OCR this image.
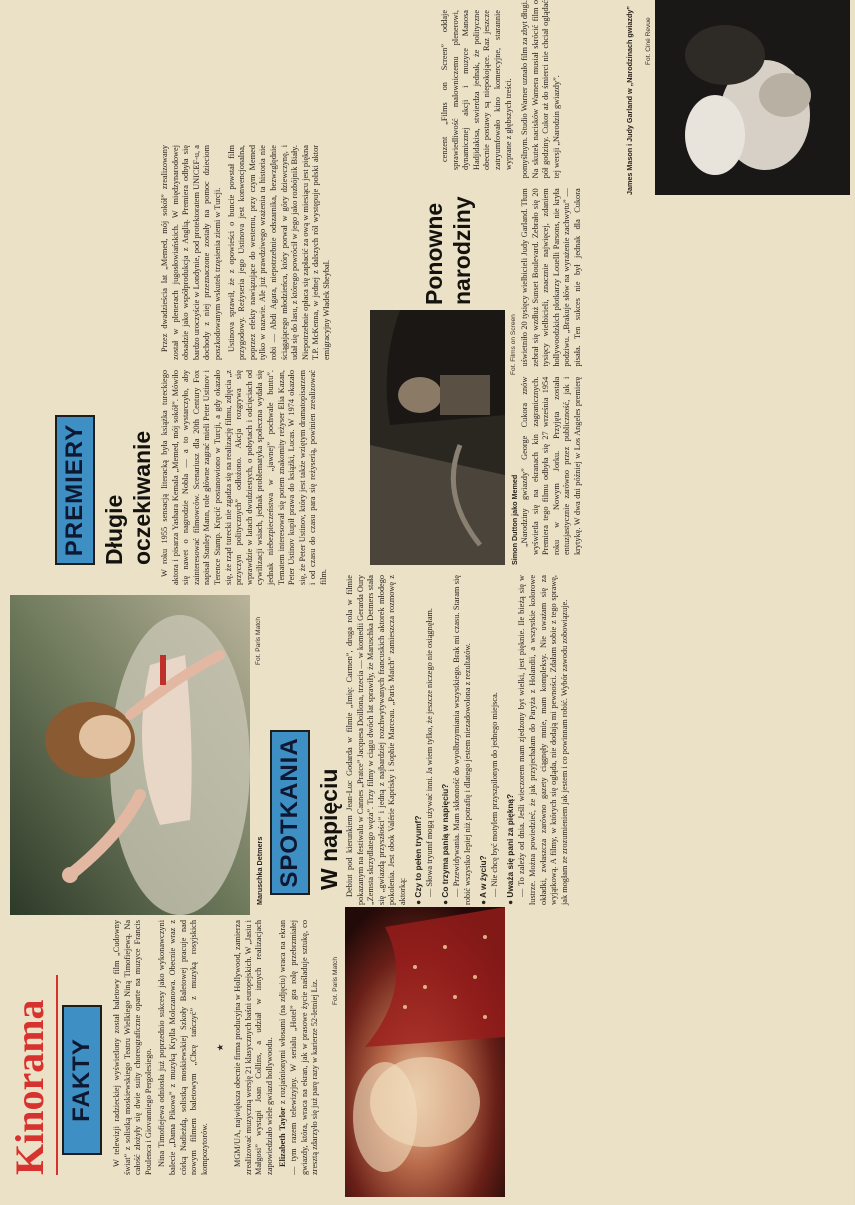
Kinorama FAKTY W telewizji radzieckiej wyświetlony został baletowy film „Cudowny świat” z solistką moskiewskiego Teatru Wielkiego Niną Timofiejewą. Na całość złożyły się dwie suity choreograficzne oparte na muzyce Francis Poulenca i Giovanniego Pergolesiego. Nina Timofiejewa odniosła już poprzednio sukcesy jako wykonawczyni balecie „Dama Pikowa” z muzyką Krylla Molczanowa. Obecnie wraz z córką Nadieżdą, solistką moskiewskiej Szkoły Baletowej pracuje nad nowym filmem baletowym „Chcę tańczyć” z muzyką rosyjskich kompozytorów.

★ MGM/UA, największa obecnie firma producyjna w Hollywood, zamierza zrealizować muzyczną wersję 21 klasycznych baśni europejskich. W „Jasiu i Małgosi” wystąpi Joan Collins, a udział w innych realizacjach zapowiedziało wiele gwiazd hollywoodu. Elizabeth Taylor z rozjaśnionymi włosami (na zdjęciu) wraca na ekran — tym razem telewizyjny. W serialu „Hotel” gra rolę przebrzmiałej gwiazdy, która, wraca na ekran, jak w prasowe życie naśladuje sztukę, co zresztą zdarzyło się już parę razy w karierze 52-letniej Liz. Fot. Paris Match
Maruschka Detmers
Fot. Paris Match
SPOTKANIA W napięciu Debiut pod kierunkiem Jean-Luc Godarda w filmie „Imię: Carmen”, druga rola w filmie pokazanym na festiwalu w Cannes „Pratce” Jacquesa Doillona, trzecia — w komedii Gerarda Oury „Zemsta skrzydlatego węża”. Trzy filmy w ciągu dwóch lat sprawiły, że Maruschka Detmers stała się „gwiazdą przyszłości” i jedną z najbardziej rozchwytywanych francuskich aktorek młodego pokolenia. Jest obok Valérie Kaprisky i Sophie Marceau. „Paris Match” zamieszcza rozmowę z aktorką: ● Czy to pełen tryumf? — Słowa tryumf mogą używać inni. Ja wiem tylko, że jeszcze niczego nie osiągnęłam.

● Co trzyma panią w napięciu? — Przewidywania. Mam skłonność do wyolbrzymiania wszystkiego. Brak mi czasu. Staram się robić wszystko lepiej niż potrafię i dlatego jestem niezadowolona z rezultatów. ● A w życiu? — Nie chcę być motylem przyszpilonym do jednego miejsca.

● Uważa się pani za piękną? — To zależy od dnia. Jeśli wieczorem mam zjedzony byt wielki, jest pięknie. Ile bieżą się w lustrze. Można powiedzieć, że jak przyjechałam do Paryża z Holandii, a wszystkie kolorowe okładki, zwłaszcza zarówno gazety ciągnęły mnie, mam kompleksy. Nie uważam się za wyjątkową. A filmy, w których się ogląda, nie dodają mi pewności. Zdałam sobie z tego sprawę, jak mogłam ze zrozumieniem jak jestem i co powinnam robić. Wybór zawodu zobowiązuje.

PREMIERY Długie oczekiwanie W roku 1955 sensacją literacką była książka tureckiego aktora i pisarza Yashara Kemala „Memed, mój sokół”. Mówiło się nawet o nagrodzie Nobla — a to wystarczyło, aby zainteresować filmowców. Scenariusz dla 20th Century Fox napisał Stanley Mann, role główne zagrać mieli Peter Ustinov i Terence Stamp. Kręcić postanowiono w Turcji, a gdy okazało się, że rząd turecki nie zgadza się na realizację filmu, zdjęcia „z przyczyn politycznych” odłożono. Akcja rozgrywa się wprawdzie w latach dwudziestych, o pobytach i odcięciach od cywilizacji wsiach, jednak problematyka społeczna wydała się jednak niebezpieczeństwa w „jawnej” pochwale buntu”. Tematem interesował się potem znakomity reżyser Elia Kazan, Peter Ustinov kupił prawa do książki, Lucas. W 1974 okazało się, że Peter Ustinov, który jest także wziętym dramatopisarzem i od czasu do czasu para się reżyserią, powinien zrealizować film.

Przez dwadzieścia lat „Memed, mój sokół” zrealizowany został w plenerach jugosłowiańskich. W międzynarodowej obsadzie jako współprodukcja z Anglią. Premiera odbyła się bardzo uroczyście w Londynie, pod protektoratem UNICEF-u, a dochody z niej przeznaczone zostały na pomoc dzieciom poszkodowanym wskutek trzęsienia ziemi w Turcji. Ustinova sprawił, że z opowieści o buncie powstał film przygodowy. Reżyseria jego Ustinova jest konwencjonalna, poprzez efekty nawiązujące do westernu, przy czym Memed tylko w nazwie. Ale już prawdziwego wrażenia ta historia nie robi — Abdi Agara, niepotrzebnie odszarnika, bezwzględnie ściągającego młodzieńca, który porwał w góry dziewczynę, i udał się do lasu, z którego powrócił w jego jako rozbójnik Biały. Niepotrzebnie opłaca się zapłacić za ową w miesiącu jest piękna T.P. McKenna, w jednej z dalszych ról występuje polski aktor emigracyjny Władek Sheybal.

Simon Dutton jako Memed
Fot. Films on Screen

cenzent „Films on Screen” oddaje sprawiedliwość malowniczemu plenerowi, dynamicznej akcji i muzyce Manosa Hadjidakisa, stwierdza jednak, że polityczne obecnie postawy są niepokojące. Raz jeszcze zatryumfowało kino komercyjne, starannie wyprane z głębszych treści.

Ponowne narodziny

„Narodziny gwiazdy” George Cukora znów wyświetla się na ekranach kin zagranicznych. Premiera tego filmu odbyła się 27 września 1954 roku w Nowym Jorku. Przyjęta została entuzjastycznie zarówno przez publiczność, jak i krytykę. W dwa dni później w Los Angeles premierę uświetniło 20 tysięcy wielbicieli Judy Garland. Tłum zebrał się wzdłuż Sunset Boulevard. Zebrało się 20 tysięcy wielbicieli, znacznie najwięcej, zdaniem hollywoodzkich plotkarzy Louelli Parsons, nie kryła podziwu. „Brakuje słów na wyrażenie zachwytu” — pisała. Ten sukces nie był jednak dla Cukora pomyślnym. Studio Warner uznało film za zbyt długi. Na skutek nacisków Warnera musiał skrócić film o pół godziny. Cukor aż do śmierci nie chciał oglądać tej wersji „Narodzin gwiazdy”.	James Mason i Judy Garland w „Narodzinach gwiazdy” Fot. Ciné Revue
